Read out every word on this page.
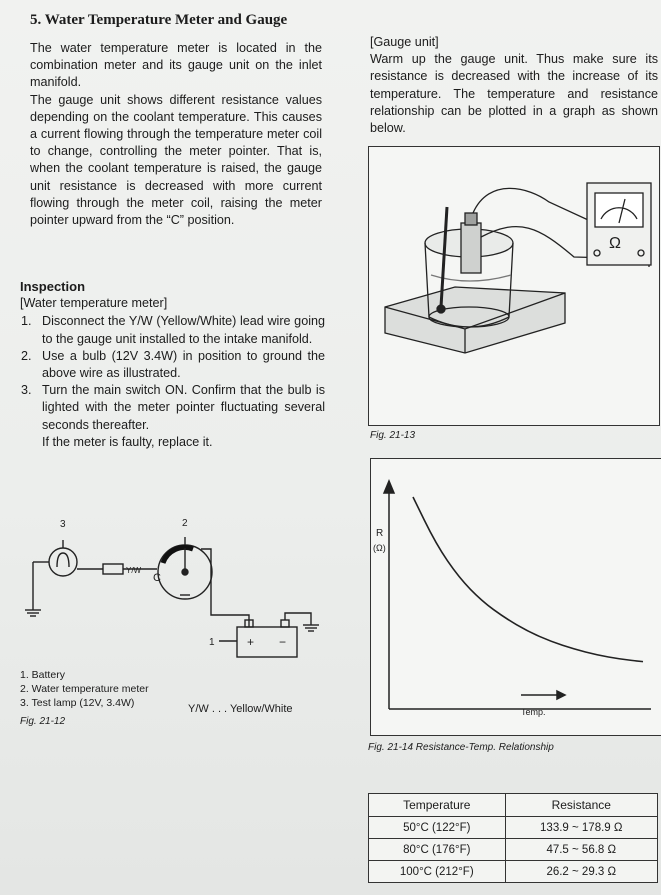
5. Water Temperature Meter and Gauge

The water temperature meter is located in the combination meter and its gauge unit on the inlet manifold.

The gauge unit shows different resistance values depending on the coolant temperature. This causes a current flowing through the temperature meter coil to change, controlling the meter pointer. That is, when the coolant temperature is raised, the gauge unit resistance is decreased with more current flowing through the meter coil, raising the meter pointer upward from the “C” position.

Inspection
[Water temperature meter]
1. Disconnect the Y/W (Yellow/White) lead wire going to the gauge unit installed to the intake manifold.
2. Use a bulb (12V 3.4W) in position to ground the above wire as illustrated.
3. Turn the main switch ON. Confirm that the bulb is lighted with the meter pointer fluctuating several seconds thereafter.
If the meter is faulty, replace it.
3	2
1
C
Y/W
+ −
1. Battery
2. Water temperature meter
3. Test lamp (12V, 3.4W)	Y/W . . . Yellow/White
Fig. 21-12

[Gauge unit]

Warm up the gauge unit. Thus make sure its resistance is decreased with the increase of its temperature. The temperature and resistance relationship can be plotted in a graph as shown below.

Ω
Fig. 21-13
R
(Ω)
Temp.
Fig. 21-14 Resistance-Temp. Relationship
Temperature	Resistance
50°C (122°F)	133.9 ~ 178.9 Ω
80°C (176°F)	47.5 ~ 56.8 Ω
100°C (212°F)	26.2 ~ 29.3 Ω
